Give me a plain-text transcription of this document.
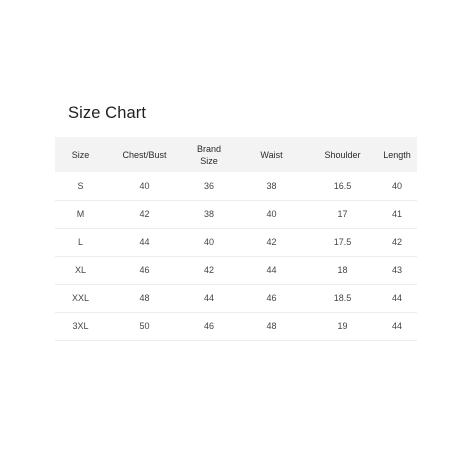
Size Chart
Size	Chest/Bust	Brand Size	Waist	Shoulder	Length
S	40	36	38	16.5	40
M	42	38	40	17	41
L	44	40	42	17.5	42
XL	46	42	44	18	43
XXL	48	44	46	18.5	44
3XL	50	46	48	19	44
